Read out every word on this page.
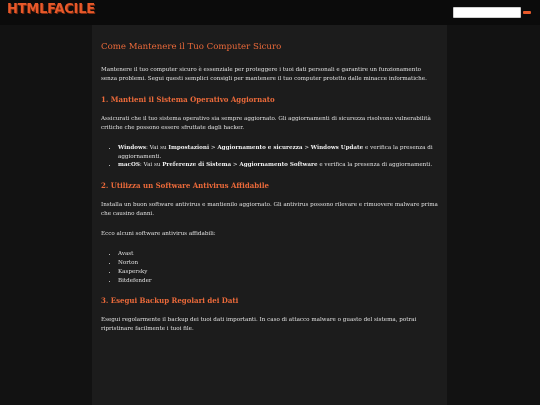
HTMLFACILE
Come Mantenere il Tuo Computer Sicuro

Mantenere il tuo computer sicuro è essenziale per proteggere i tuoi dati personali e garantire un funzionamento senza problemi. Segui questi semplici consigli per mantenere il tuo computer protetto dalle minacce informatiche.

1. Mantieni il Sistema Operativo Aggiornato

Assicurati che il tuo sistema operativo sia sempre aggiornato. Gli aggiornamenti di sicurezza risolvono vulnerabilità critiche che possono essere sfruttate dagli hacker.

• Windows: Vai su Impostazioni > Aggiornamento e sicurezza > Windows Update e verifica la presenza di aggiornamenti.
• macOS: Vai su Preferenze di Sistema > Aggiornamento Software e verifica la presenza di aggiornamenti.
2. Utilizza un Software Antivirus Affidabile

Installa un buon software antivirus e mantienilo aggiornato. Gli antivirus possono rilevare e rimuovere malware prima che causino danni.

Ecco alcuni software antivirus affidabili:

• Avast
• Norton
• Kaspersky
• Bitdefender
3. Esegui Backup Regolari dei Dati

Esegui regolarmente il backup dei tuoi dati importanti. In caso di attacco malware o guasto del sistema, potrai ripristinare facilmente i tuoi file.
